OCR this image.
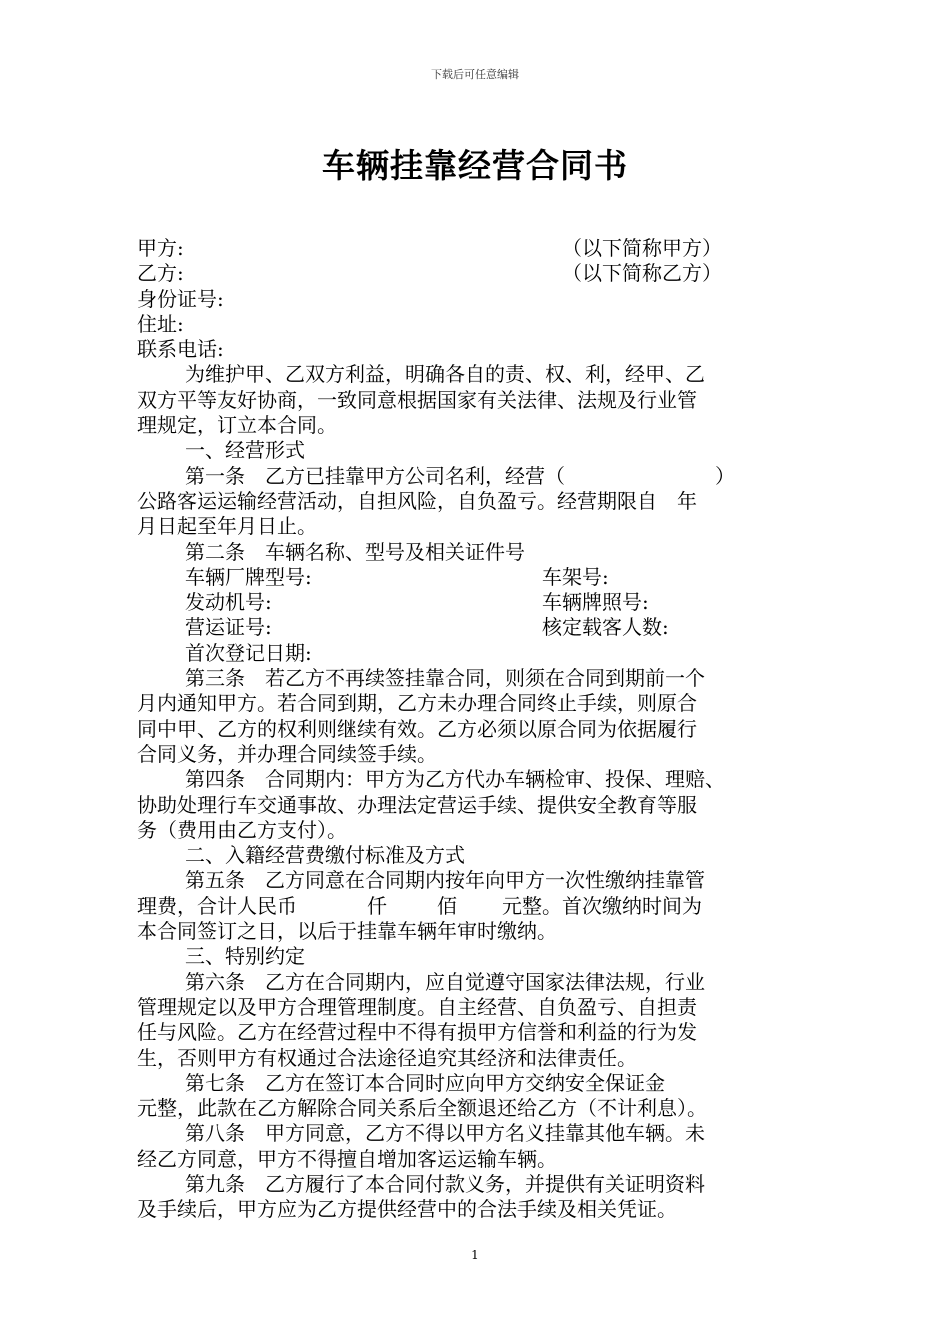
下载后可任意编辑
车辆挂靠经营合同书
甲方:	（以下简称甲方）
乙方:	（以下简称乙方）
身份证号:
住址:
联系电话:
为维护甲、乙双方利益，明确各自的责、权、利，经甲、乙
双方平等友好协商，一致同意根据国家有关法律、法规及行业管
理规定，订立本合同。
一、经营形式
第一条　乙方已挂靠甲方公司名利，经营（	）
公路客运运输经营活动，自担风险，自负盈亏。经营期限自　年
月日起至年月日止。
第二条　车辆名称、型号及相关证件号
车辆厂牌型号:	车架号:
发动机号:	车辆牌照号:
营运证号:	核定载客人数:
首次登记日期:
第三条　若乙方不再续签挂靠合同，则须在合同到期前一个
月内通知甲方。若合同到期，乙方未办理合同终止手续，则原合
同中甲、乙方的权利则继续有效。乙方必须以原合同为依据履行
合同义务，并办理合同续签手续。
第四条　合同期内：甲方为乙方代办车辆检审、投保、理赔、
协助处理行车交通事故、办理法定营运手续、提供安全教育等服
务（费用由乙方支付）。
二、入籍经营费缴付标准及方式
第五条　乙方同意在合同期内按年向甲方一次性缴纳挂靠管
理费，合计人民币	仟	佰 元整。首次缴纳时间为
本合同签订之日，以后于挂靠车辆年审时缴纳。
三、特别约定
第六条　乙方在合同期内，应自觉遵守国家法律法规，行业
管理规定以及甲方合理管理制度。自主经营、自负盈亏、自担责
任与风险。乙方在经营过程中不得有损甲方信誉和利益的行为发
生，否则甲方有权通过合法途径追究其经济和法律责任。
第七条　乙方在签订本合同时应向甲方交纳安全保证金
元整，此款在乙方解除合同关系后全额退还给乙方（不计利息）。
第八条　甲方同意，乙方不得以甲方名义挂靠其他车辆。未
经乙方同意，甲方不得擅自增加客运运输车辆。
第九条　乙方履行了本合同付款义务，并提供有关证明资料
及手续后，甲方应为乙方提供经营中的合法手续及相关凭证。
1
